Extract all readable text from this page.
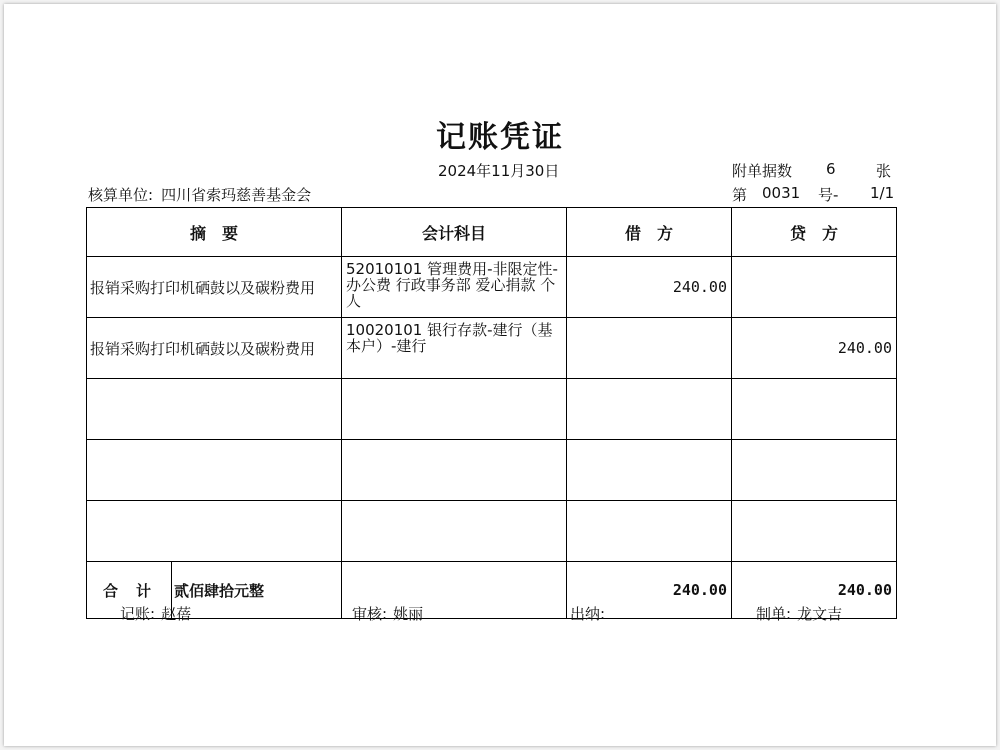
记账凭证
2024年11月30日	附单据数 6	张
核算单位: 四川省索玛慈善基金会	第 0031 号- 1/1
摘　要	会计科目	借　方	贷　方
报销采购打印机硒鼓以及碳粉费用	52010101 管理费用-非限定性-办公费 行政事务部 爱心捐款 个人	240.00	
报销采购打印机硒鼓以及碳粉费用	10020101 银行存款-建行（基本户）-建行		240.00

合计 贰佰肆拾元整		240.00	240.00
记账: 赵蓓	审核: 姚丽	出纳:	制单: 龙文吉
